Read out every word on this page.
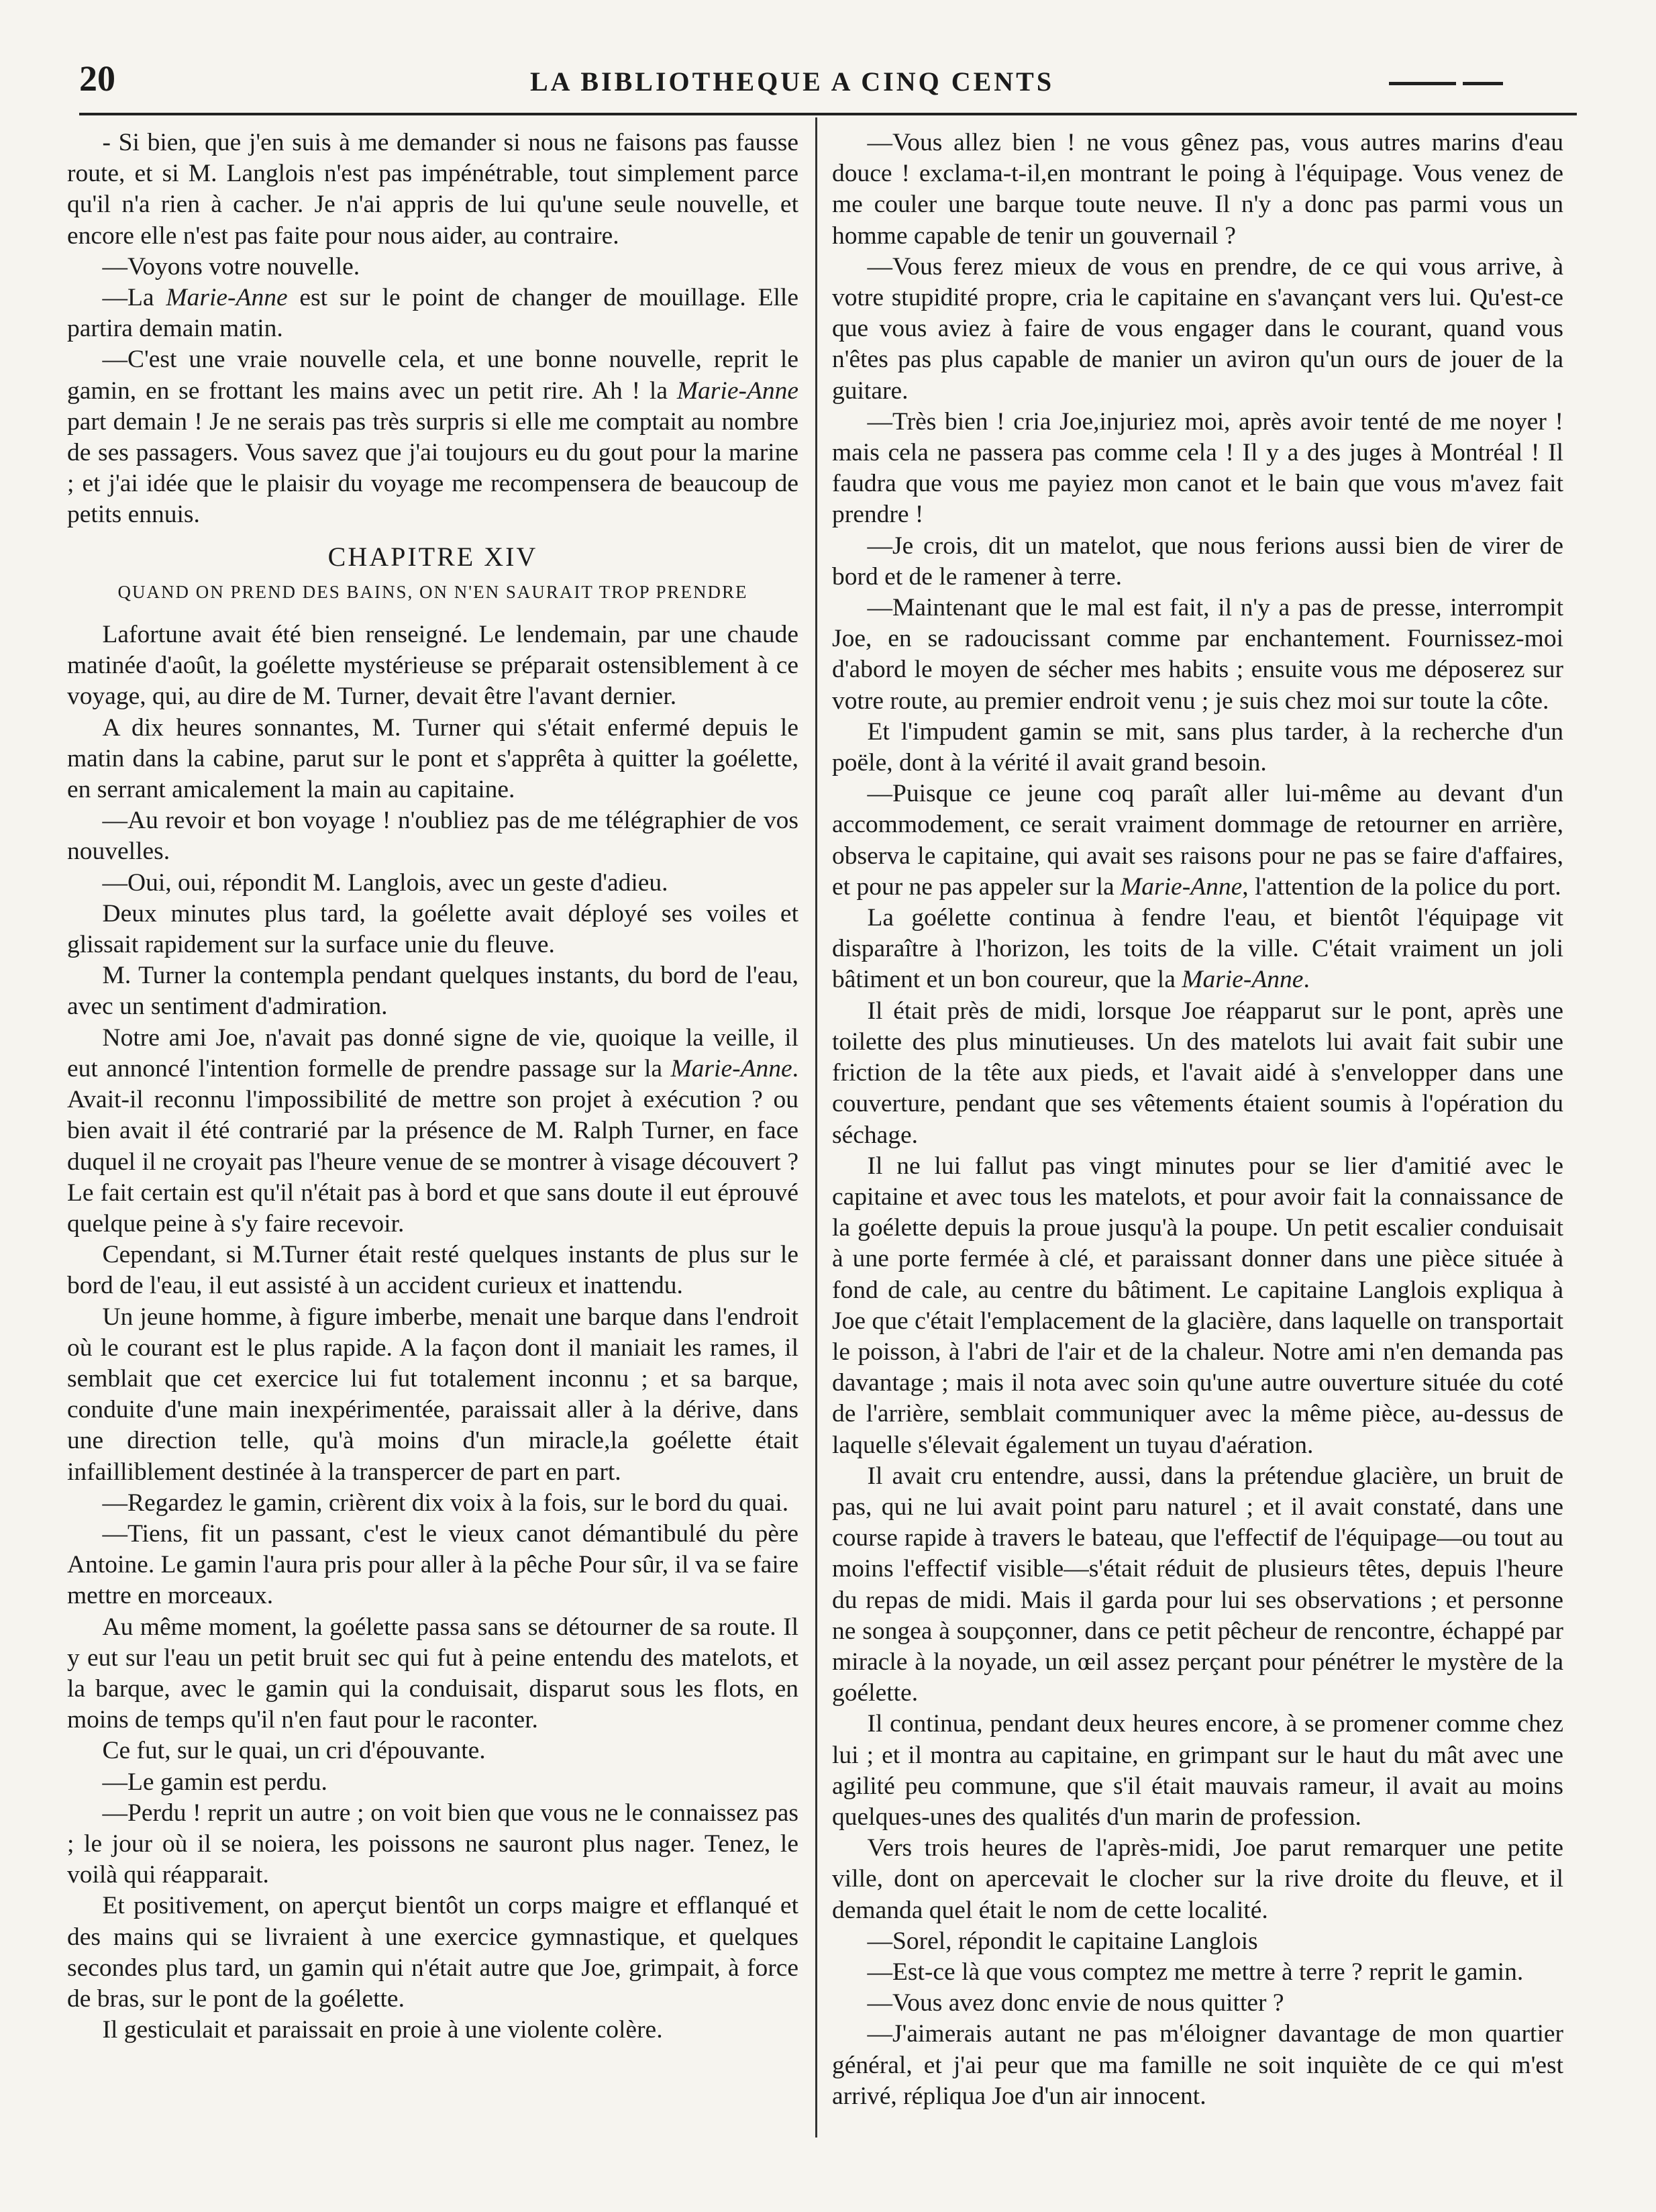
20	LA BIBLIOTHEQUE A CINQ CENTS

- Si bien, que j'en suis à me demander si nous ne faisons pas fausse route, et si M. Langlois n'est pas impénétrable, tout simplement parce qu'il n'a rien à cacher. Je n'ai appris de lui qu'une seule nouvelle, et encore elle n'est pas faite pour nous aider, au contraire.

—Voyons votre nouvelle.

—La Marie-Anne est sur le point de changer de mouillage. Elle partira demain matin.

—C'est une vraie nouvelle cela, et une bonne nouvelle, reprit le gamin, en se frottant les mains avec un petit rire. Ah ! la Marie-Anne part demain ! Je ne serais pas très surpris si elle me comptait au nombre de ses passagers. Vous savez que j'ai toujours eu du gout pour la marine ; et j'ai idée que le plaisir du voyage me recompensera de beaucoup de petits ennuis.

CHAPITRE XIV
QUAND ON PREND DES BAINS, ON N'EN SAURAIT TROP PRENDRE

Lafortune avait été bien renseigné. Le lendemain, par une chaude matinée d'août, la goélette mystérieuse se préparait ostensiblement à ce voyage, qui, au dire de M. Turner, devait être l'avant dernier.

A dix heures sonnantes, M. Turner qui s'était enfermé depuis le matin dans la cabine, parut sur le pont et s'apprêta à quitter la goélette, en serrant amicalement la main au capitaine.

—Au revoir et bon voyage ! n'oubliez pas de me télégraphier de vos nouvelles.

—Oui, oui, répondit M. Langlois, avec un geste d'adieu.

Deux minutes plus tard, la goélette avait déployé ses voiles et glissait rapidement sur la surface unie du fleuve.

M. Turner la contempla pendant quelques instants, du bord de l'eau, avec un sentiment d'admiration.

Notre ami Joe, n'avait pas donné signe de vie, quoique la veille, il eut annoncé l'intention formelle de prendre passage sur la Marie-Anne. Avait-il reconnu l'impossibilité de mettre son projet à exécution ? ou bien avait il été contrarié par la présence de M. Ralph Turner, en face duquel il ne croyait pas l'heure venue de se montrer à visage découvert ? Le fait certain est qu'il n'était pas à bord et que sans doute il eut éprouvé quelque peine à s'y faire recevoir.

Cependant, si M.Turner était resté quelques instants de plus sur le bord de l'eau, il eut assisté à un accident curieux et inattendu.

Un jeune homme, à figure imberbe, menait une barque dans l'endroit où le courant est le plus rapide. A la façon dont il maniait les rames, il semblait que cet exercice lui fut totalement inconnu ; et sa barque, conduite d'une main inexpérimentée, paraissait aller à la dérive, dans une direction telle, qu'à moins d'un miracle,la goélette était infailliblement destinée à la transpercer de part en part.

—Regardez le gamin, crièrent dix voix à la fois, sur le bord du quai.

—Tiens, fit un passant, c'est le vieux canot démantibulé du père Antoine. Le gamin l'aura pris pour aller à la pêche Pour sûr, il va se faire mettre en morceaux.

Au même moment, la goélette passa sans se détourner de sa route. Il y eut sur l'eau un petit bruit sec qui fut à peine entendu des matelots, et la barque, avec le gamin qui la conduisait, disparut sous les flots, en moins de temps qu'il n'en faut pour le raconter.

Ce fut, sur le quai, un cri d'épouvante.

—Le gamin est perdu.

—Perdu ! reprit un autre ; on voit bien que vous ne le connaissez pas ; le jour où il se noiera, les poissons ne sauront plus nager. Tenez, le voilà qui réapparait.

Et positivement, on aperçut bientôt un corps maigre et efflanqué et des mains qui se livraient à une exercice gymnastique, et quelques secondes plus tard, un gamin qui n'était autre que Joe, grimpait, à force de bras, sur le pont de la goélette.

Il gesticulait et paraissait en proie à une violente colère.

—Vous allez bien ! ne vous gênez pas, vous autres marins d'eau douce ! exclama-t-il,en montrant le poing à l'équipage. Vous venez de me couler une barque toute neuve. Il n'y a donc pas parmi vous un homme capable de tenir un gouvernail ?

—Vous ferez mieux de vous en prendre, de ce qui vous arrive, à votre stupidité propre, cria le capitaine en s'avançant vers lui. Qu'est-ce que vous aviez à faire de vous engager dans le courant, quand vous n'êtes pas plus capable de manier un aviron qu'un ours de jouer de la guitare.

—Très bien ! cria Joe,injuriez moi, après avoir tenté de me noyer ! mais cela ne passera pas comme cela ! Il y a des juges à Montréal ! Il faudra que vous me payiez mon canot et le bain que vous m'avez fait prendre !

—Je crois, dit un matelot, que nous ferions aussi bien de virer de bord et de le ramener à terre.

—Maintenant que le mal est fait, il n'y a pas de presse, interrompit Joe, en se radoucissant comme par enchantement. Fournissez-moi d'abord le moyen de sécher mes habits ; ensuite vous me déposerez sur votre route, au premier endroit venu ; je suis chez moi sur toute la côte.

Et l'impudent gamin se mit, sans plus tarder, à la recherche d'un poële, dont à la vérité il avait grand besoin.

—Puisque ce jeune coq paraît aller lui-même au devant d'un accommodement, ce serait vraiment dommage de retourner en arrière, observa le capitaine, qui avait ses raisons pour ne pas se faire d'affaires, et pour ne pas appeler sur la Marie-Anne, l'attention de la police du port.

La goélette continua à fendre l'eau, et bientôt l'équipage vit disparaître à l'horizon, les toits de la ville. C'était vraiment un joli bâtiment et un bon coureur, que la Marie-Anne.

Il était près de midi, lorsque Joe réapparut sur le pont, après une toilette des plus minutieuses. Un des matelots lui avait fait subir une friction de la tête aux pieds, et l'avait aidé à s'envelopper dans une couverture, pendant que ses vêtements étaient soumis à l'opération du séchage.

Il ne lui fallut pas vingt minutes pour se lier d'amitié avec le capitaine et avec tous les matelots, et pour avoir fait la connaissance de la goélette depuis la proue jusqu'à la poupe. Un petit escalier conduisait à une porte fermée à clé, et paraissant donner dans une pièce située à fond de cale, au centre du bâtiment. Le capitaine Langlois expliqua à Joe que c'était l'emplacement de la glacière, dans laquelle on transportait le poisson, à l'abri de l'air et de la chaleur. Notre ami n'en demanda pas davantage ; mais il nota avec soin qu'une autre ouverture située du coté de l'arrière, semblait communiquer avec la même pièce, au-dessus de laquelle s'élevait également un tuyau d'aération.

Il avait cru entendre, aussi, dans la prétendue glacière, un bruit de pas, qui ne lui avait point paru naturel ; et il avait constaté, dans une course rapide à travers le bateau, que l'effectif de l'équipage—ou tout au moins l'effectif visible—s'était réduit de plusieurs têtes, depuis l'heure du repas de midi. Mais il garda pour lui ses observations ; et personne ne songea à soupçonner, dans ce petit pêcheur de rencontre, échappé par miracle à la noyade, un œil assez perçant pour pénétrer le mystère de la goélette.

Il continua, pendant deux heures encore, à se promener comme chez lui ; et il montra au capitaine, en grimpant sur le haut du mât avec une agilité peu commune, que s'il était mauvais rameur, il avait au moins quelques-unes des qualités d'un marin de profession.

Vers trois heures de l'après-midi, Joe parut remarquer une petite ville, dont on apercevait le clocher sur la rive droite du fleuve, et il demanda quel était le nom de cette localité.

—Sorel, répondit le capitaine Langlois

—Est-ce là que vous comptez me mettre à terre ? reprit le gamin.

—Vous avez donc envie de nous quitter ?

—J'aimerais autant ne pas m'éloigner davantage de mon quartier général, et j'ai peur que ma famille ne soit inquiète de ce qui m'est arrivé, répliqua Joe d'un air innocent.
